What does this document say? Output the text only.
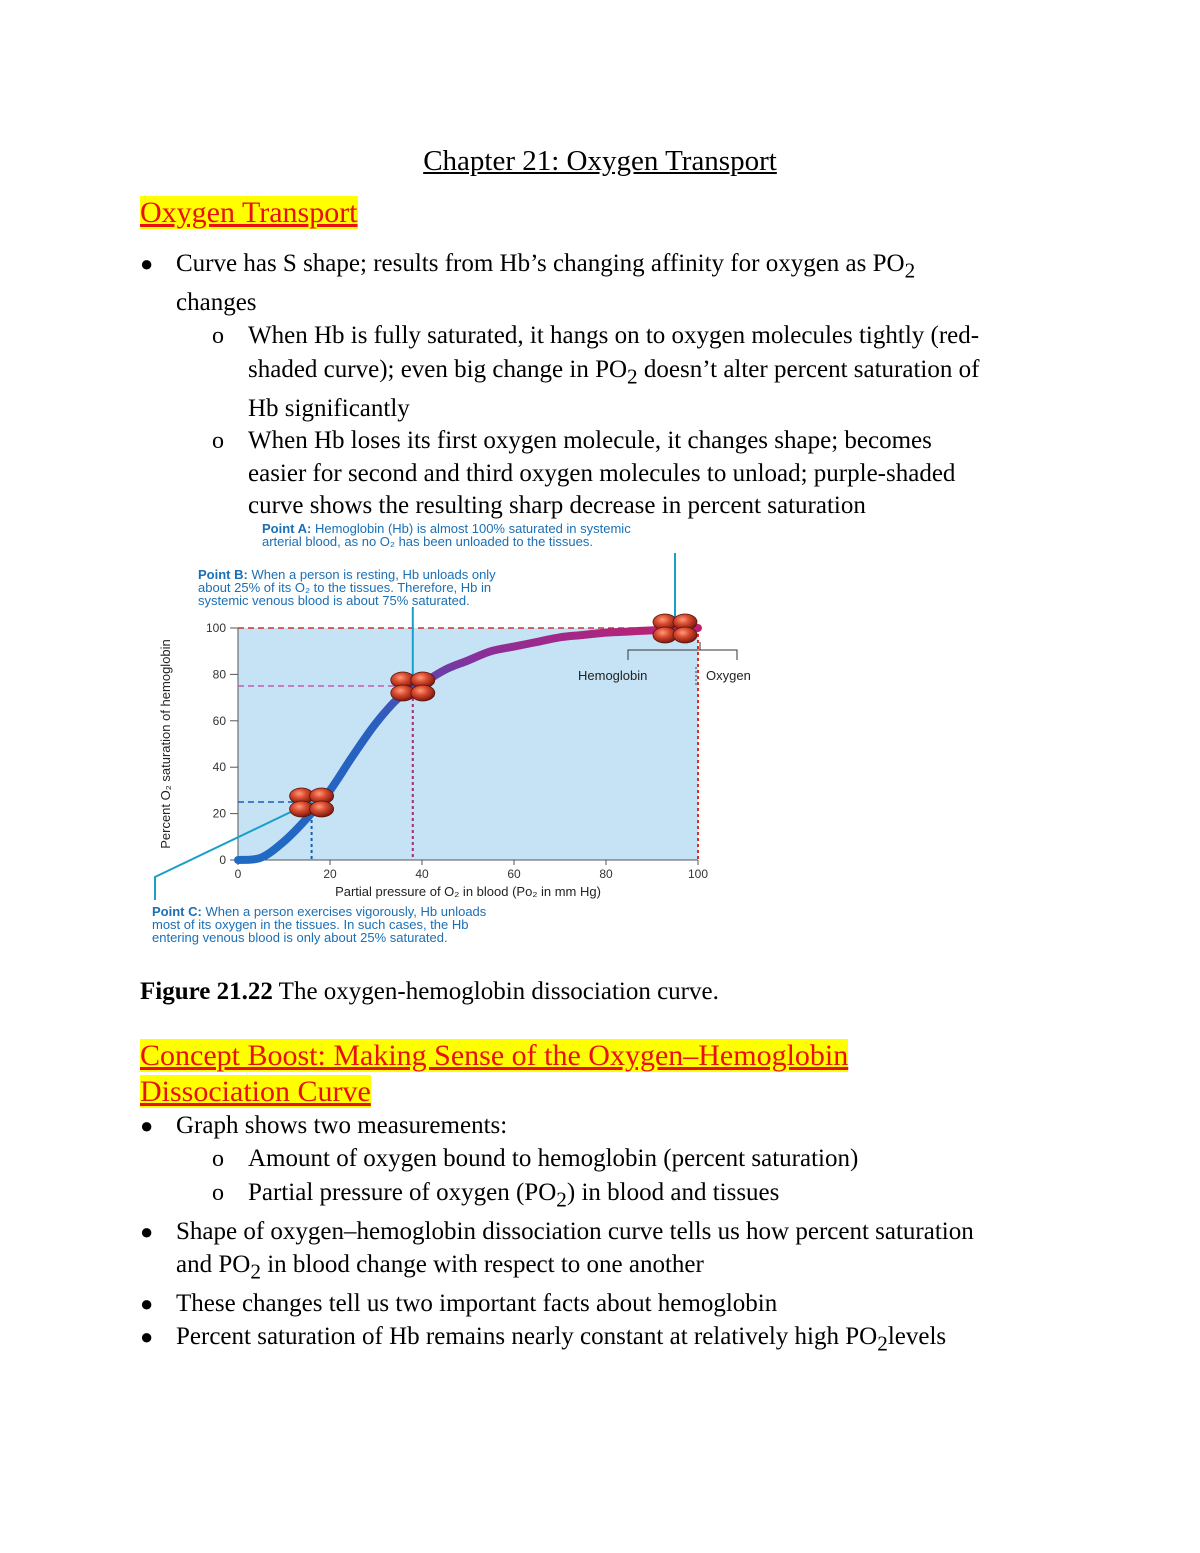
Chapter 21: Oxygen Transport
Oxygen Transport
● Curve has S shape; results from Hb’s changing affinity for oxygen as $PO_2$
changes
o When Hb is fully saturated, it hangs on to oxygen molecules tightly (red-
shaded curve); even big change in $PO_2$ doesn’t alter percent saturation of
Hb significantly
o When Hb loses its first oxygen molecule, it changes shape; becomes
easier for second and third oxygen molecules to unload; purple-shaded
curve shows the resulting sharp decrease in percent saturation
Point A: Hemoglobin (Hb) is almost 100% saturated in systemic
arterial blood, as no O₂ has been unloaded to the tissues.
Point B: When a person is resting, Hb unloads only
about 25% of its O₂ to the tissues. Therefore, Hb in
systemic venous blood is about 75% saturated.
Point C: When a person exercises vigorously, Hb unloads
most of its oxygen in the tissues. In such cases, the Hb
entering venous blood is only about 25% saturated.
0
20
40
60
80
100
0	20	40	60	80	100
Hemoglobin	Oxygen
Partial pressure of O₂ in blood (Po₂ in mm Hg)
Percent O₂ saturation of hemoglobin
Figure 21.22 The oxygen-hemoglobin dissociation curve.
Concept Boost: Making Sense of the Oxygen–Hemoglobin
Dissociation Curve
● Graph shows two measurements:
o Amount of oxygen bound to hemoglobin (percent saturation)
o Partial pressure of oxygen $(PO_2)$ in blood and tissues
● Shape of oxygen–hemoglobin dissociation curve tells us how percent saturation
and $PO_2$ in blood change with respect to one another
● These changes tell us two important facts about hemoglobin
● Percent saturation of Hb remains nearly constant at relatively high $PO_2levels$
